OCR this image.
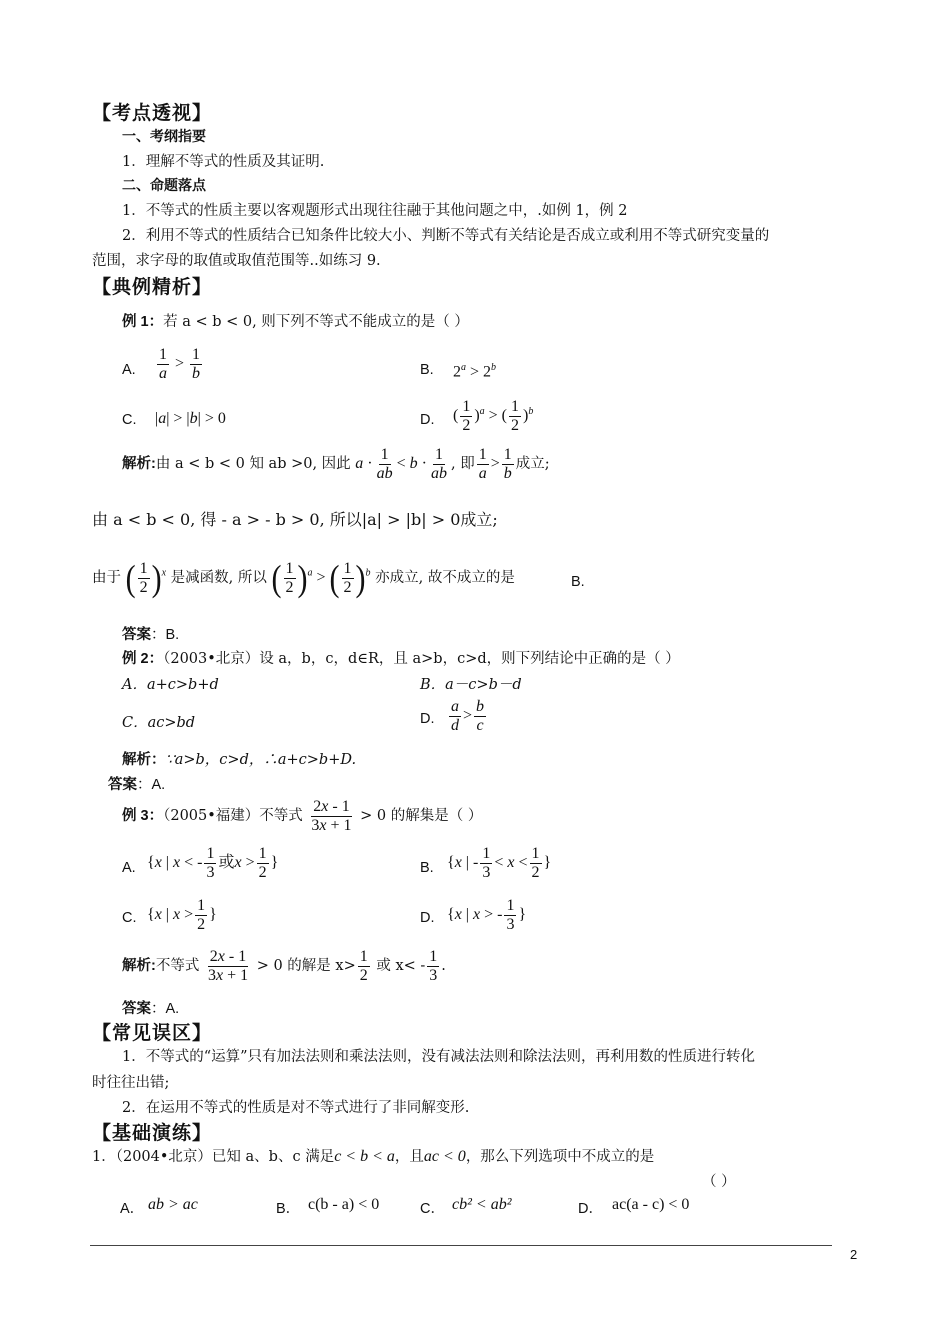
【考点透视】
一、考纲指要
1．理解不等式的性质及其证明.
二、命题落点
1．不等式的性质主要以客观题形式出现往往融于其他问题之中，.如例 1，例 2
2．利用不等式的性质结合已知条件比较大小、判断不等式有关结论是否成立或利用不等式研究变量的
范围，求字母的取值或取值范围等..如练习 9.
【典例精析】
例 1：若 a < b < 0, 则下列不等式不能成立的是（ ）
A. $\frac{1}{a} > \frac{1}{b}$	B. $2^a > 2^b$
C. |a| > |b| > 0	D. ( $\frac{1}{2} )^a$ > ( $\frac{1}{2} )^b$
解析:由 a < b < 0 知 ab >0, 因此 $a \cdot \frac{1}{ab} < b \cdot \frac{1}{ab}$ , 即 $\frac{1}{a} > \frac{1}{b}$ 成立;
由 a < b < 0, 得 - a > - b > 0, 所以|a| > |b| > 0成立;
由于 ( $\frac{1}{2} )^x$ 是减函数, 所以 ( $\frac{1}{2} )^a$ > ( $\frac{1}{2} )^b$ 亦成立, 故不成立的是	B.
答案：B.
例 2：（2003•北京）设 a，b，c，d∈R，且 a>b，c>d，则下列结论中正确的是（ ）
A．a+c>b+d	B．a－c>b－d
C．ac>bd	D. $\frac{a}{d} > \frac{b}{c}$
解析：∵a>b，c>d，∴a+c>b+D.
答案：A.
例 3：（2005•福建）不等式 $\frac{2x - 1}{3x + 1} > 0$ 的解集是（ ）
A. {x | x < - $\frac{1}{3}$ 或$x > \frac{1}{2}$ }	B. {x | - $\frac{1}{3} < x < \frac{1}{2}$ }
C. {x | $x > \frac{1}{2}$ }	D. {x | x > - $\frac{1}{3}$ }
解析:不等式 $\frac{2x - 1}{3x + 1} > 0$ 的解是 $x> \frac{1}{2}$ 或 $x< - \frac{1}{3}$ .
答案：A.
【常见误区】
1．不等式的“运算”只有加法法则和乘法法则，没有减法法则和除法法则，再利用数的性质进行转化
时往往出错;
2．在运用不等式的性质是对不等式进行了非同解变形.
【基础演练】
1．（2004•北京）已知 a、b、c 满足c < b < a，且ac < 0，那么下列选项中不成立的是
（ ）
A． ab > ac	B． c(b - a) < 0	C． cb² < ab²	D． ac(a - c) < 0
2
